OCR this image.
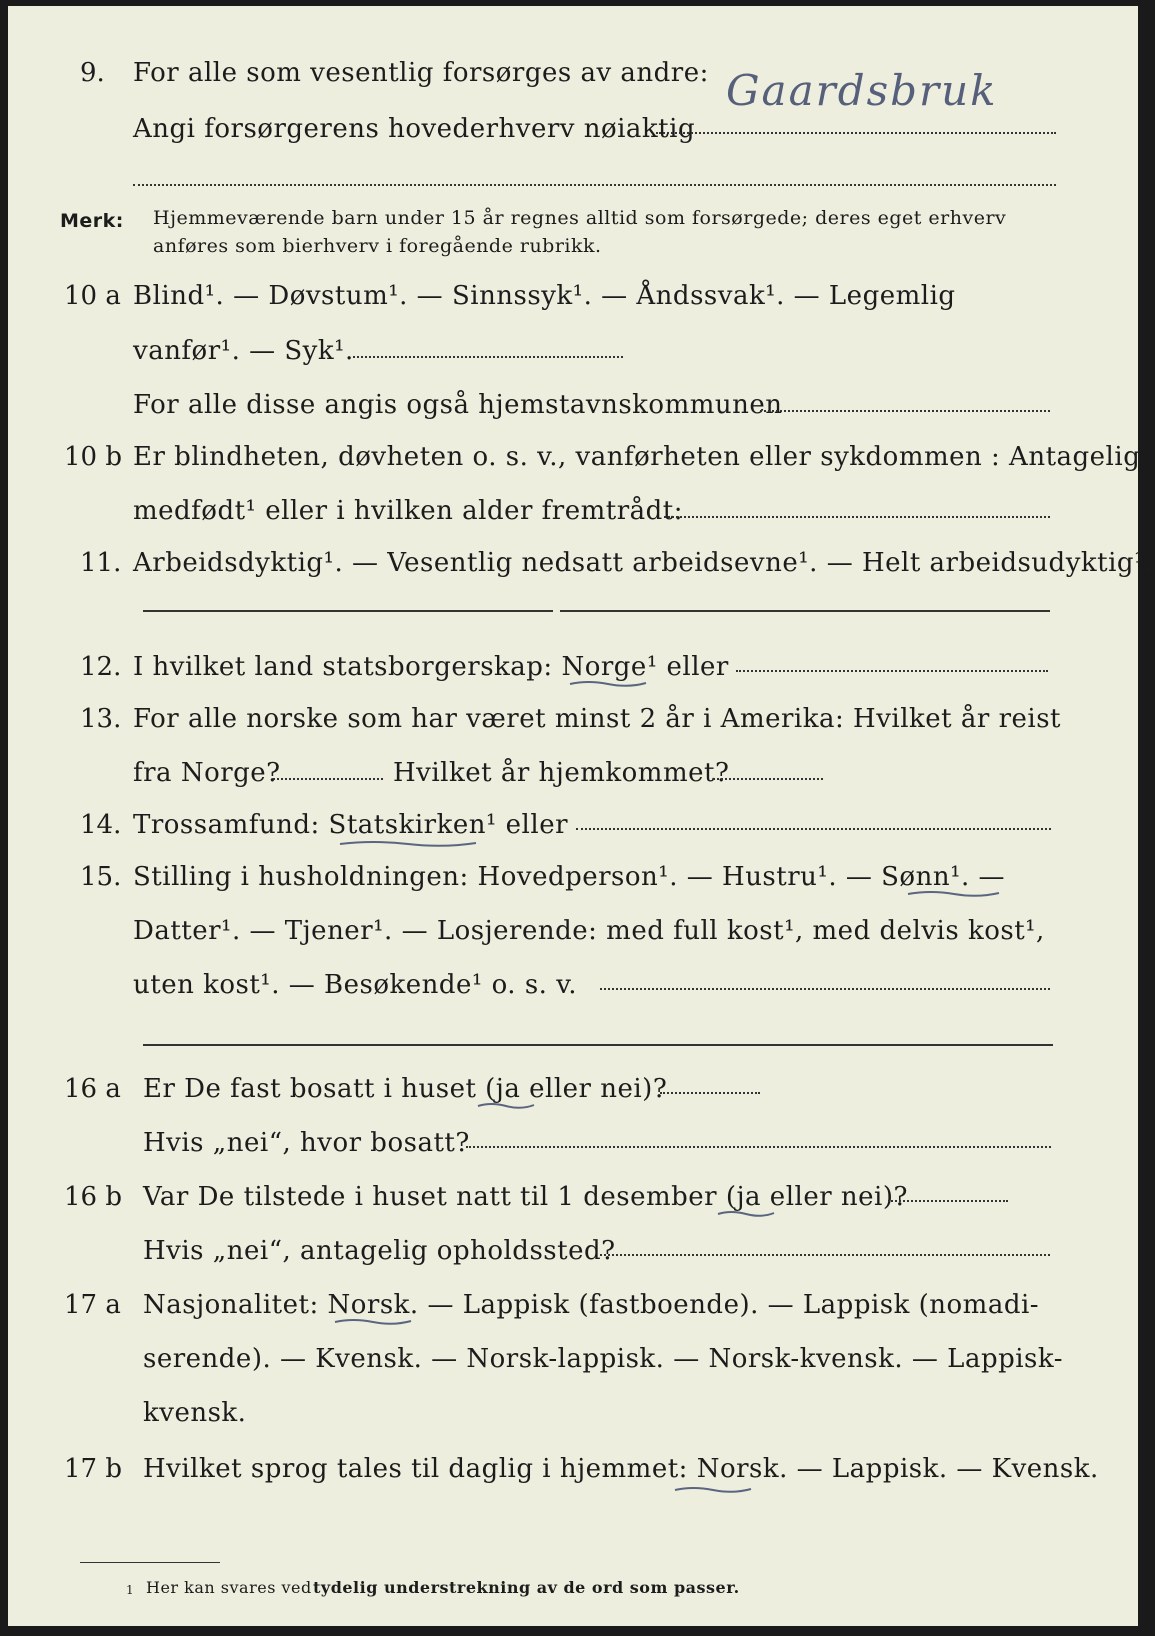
9. For alle som vesentlig forsørges av andre:
Angi forsørgerens hovederhverv nøiaktig
Gaardsbruk
Merk: Hjemmeværende barn under 15 år regnes alltid som forsørgede; deres eget erhverv
anføres som bierhverv i foregående rubrikk.
10 a Blind¹. — Døvstum¹. — Sinnssyk¹. — Åndssvak¹. — Legemlig
vanfør¹. — Syk¹.
For alle disse angis også hjemstavnskommunen
10 b Er blindheten, døvheten o. s. v., vanførheten eller sykdommen : Antagelig
medfødt¹ eller i hvilken alder fremtrådt:
11. Arbeidsdyktig¹. — Vesentlig nedsatt arbeidsevne¹. — Helt arbeidsudyktig¹.
12. I hvilket land statsborgerskap: Norge¹ eller
13. For alle norske som har været minst 2 år i Amerika: Hvilket år reist
fra Norge?	Hvilket år hjemkommet?
14. Trossamfund: Statskirken¹ eller
15. Stilling i husholdningen: Hovedperson¹. — Hustru¹. — Sønn¹. —
Datter¹. — Tjener¹. — Losjerende: med full kost¹, med delvis kost¹,
uten kost¹. — Besøkende¹ o. s. v.
16 a Er De fast bosatt i huset (ja eller nei)?
Hvis „nei“, hvor bosatt?
16 b Var De tilstede i huset natt til 1 desember (ja eller nei)?
Hvis „nei“, antagelig opholdssted?
17 a Nasjonalitet: Norsk. — Lappisk (fastboende). — Lappisk (nomadi-
serende). — Kvensk. — Norsk-lappisk. — Norsk-kvensk. — Lappisk-
kvensk.
17 b Hvilket sprog tales til daglig i hjemmet: Norsk. — Lappisk. — Kvensk.
1 Her kan svares ved tydelig understrekning av de ord som passer.
